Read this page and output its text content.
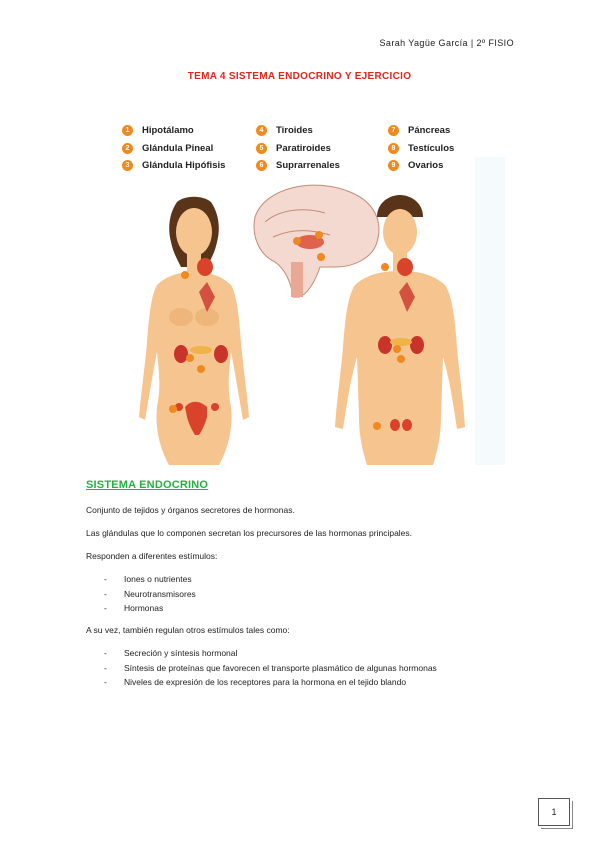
Sarah Yagüe García | 2º FISIO
TEMA 4 SISTEMA ENDOCRINO Y EJERCICIO
1	Hipotálamo
2	Glándula Pineal
3	Glándula Hipófisis
4	Tiroides
5	Paratiroides
6	Suprarrenales
7	Páncreas
8	Testículos
9	Ovarios
SISTEMA ENDOCRINO
Conjunto de tejidos y órganos secretores de hormonas.
Las glándulas que lo componen secretan los precursores de las hormonas principales.
Responden a diferentes estímulos:
-	Iones o nutrientes
-	Neurotransmisores
-	Hormonas
A su vez, también regulan otros estímulos tales como:
-	Secreción y síntesis hormonal
-	Síntesis de proteínas que favorecen el transporte plasmático de algunas hormonas
-	Niveles de expresión de los receptores para la hormona en el tejido blando
1
